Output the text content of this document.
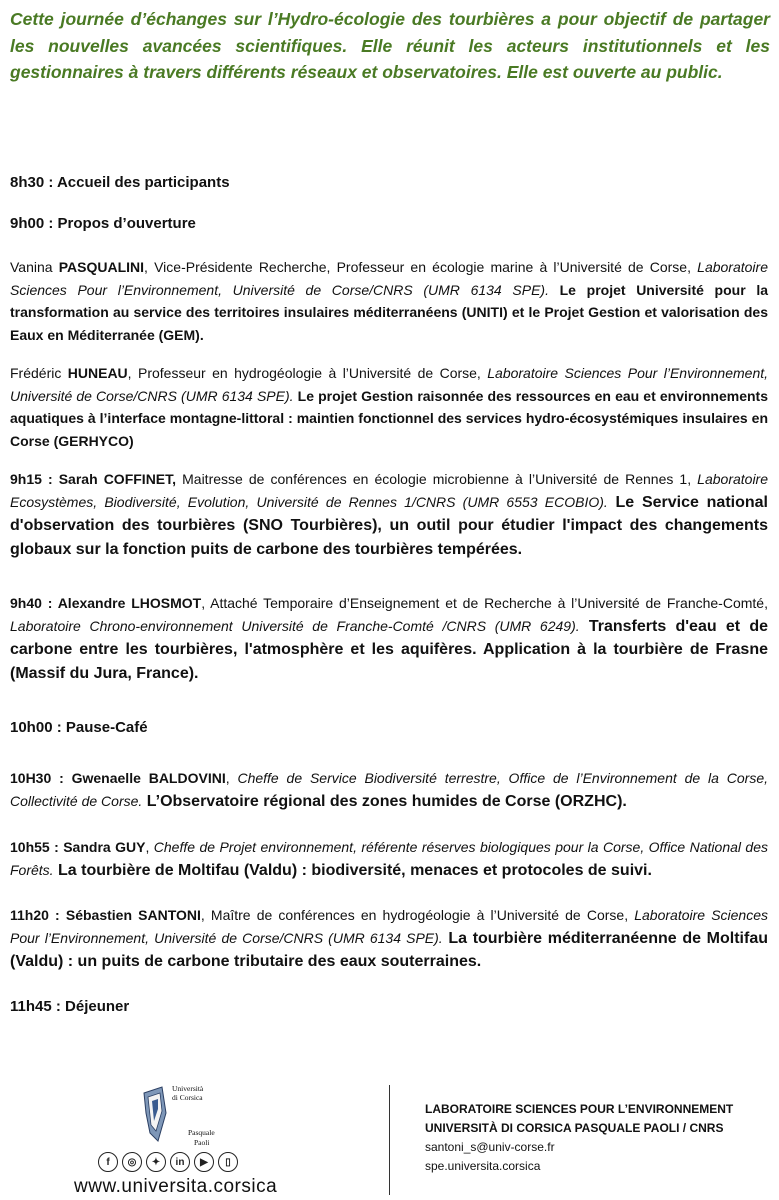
Cette journée d’échanges sur l’Hydro-écologie des tourbières a pour objectif de partager les nouvelles avancées scientifiques. Elle réunit les acteurs institutionnels et les gestionnaires à travers différents réseaux et observatoires. Elle est ouverte au public.

8h30 : Accueil des participants

9h00 : Propos d’ouverture

Vanina PASQUALINI, Vice-Présidente Recherche, Professeur en écologie marine à l’Université de Corse, Laboratoire Sciences Pour l’Environnement, Université de Corse/CNRS (UMR 6134 SPE). Le projet Université pour la transformation au service des territoires insulaires méditerranéens (UNITI) et le Projet Gestion et valorisation des Eaux en Méditerranée (GEM).

Frédéric HUNEAU, Professeur en hydrogéologie à l’Université de Corse, Laboratoire Sciences Pour l’Environnement, Université de Corse/CNRS (UMR 6134 SPE). Le projet Gestion raisonnée des ressources en eau et environnements aquatiques à l’interface montagne-littoral : maintien fonctionnel des services hydro-écosystémiques insulaires en Corse (GERHYCO)

9h15 : Sarah COFFINET, Maitresse de conférences en écologie microbienne à l’Université de Rennes 1, Laboratoire Ecosystèmes, Biodiversité, Evolution, Université de Rennes 1/CNRS (UMR 6553 ECOBIO). Le Service national d'observation des tourbières (SNO Tourbières), un outil pour étudier l'impact des changements globaux sur la fonction puits de carbone des tourbières tempérées.

9h40 : Alexandre LHOSMOT, Attaché Temporaire d’Enseignement et de Recherche à l’Université de Franche-Comté, Laboratoire Chrono-environnement Université de Franche-Comté /CNRS (UMR 6249). Transferts d'eau et de carbone entre les tourbières, l'atmosphère et les aquifères. Application à la tourbière de Frasne (Massif du Jura, France).

10h00 : Pause-Café

10H30 : Gwenaelle BALDOVINI, Cheffe de Service Biodiversité terrestre, Office de l’Environnement de la Corse, Collectivité de Corse. L’Observatoire régional des zones humides de Corse (ORZHC).

10h55 : Sandra GUY, Cheffe de Projet environnement, référente réserves biologiques pour la Corse, Office National des Forêts. La tourbière de Moltifau (Valdu) : biodiversité, menaces et protocoles de suivi.

11h20 : Sébastien SANTONI, Maître de conférences en hydrogéologie à l’Université de Corse, Laboratoire Sciences Pour l’Environnement, Université de Corse/CNRS (UMR 6134 SPE). La tourbière méditerranéenne de Moltifau (Valdu) : un puits de carbone tributaire des eaux souterraines.

11h45 : Déjeuner

Università
di Corsica
Pasquale
Paoli
f	◎	✦	in	▶	▯
www.universita.corsica
LABORATOIRE SCIENCES POUR L’ENVIRONNEMENT
UNIVERSITÀ DI CORSICA PASQUALE PAOLI / CNRS
santoni_s@univ-corse.fr
spe.universita.corsica
